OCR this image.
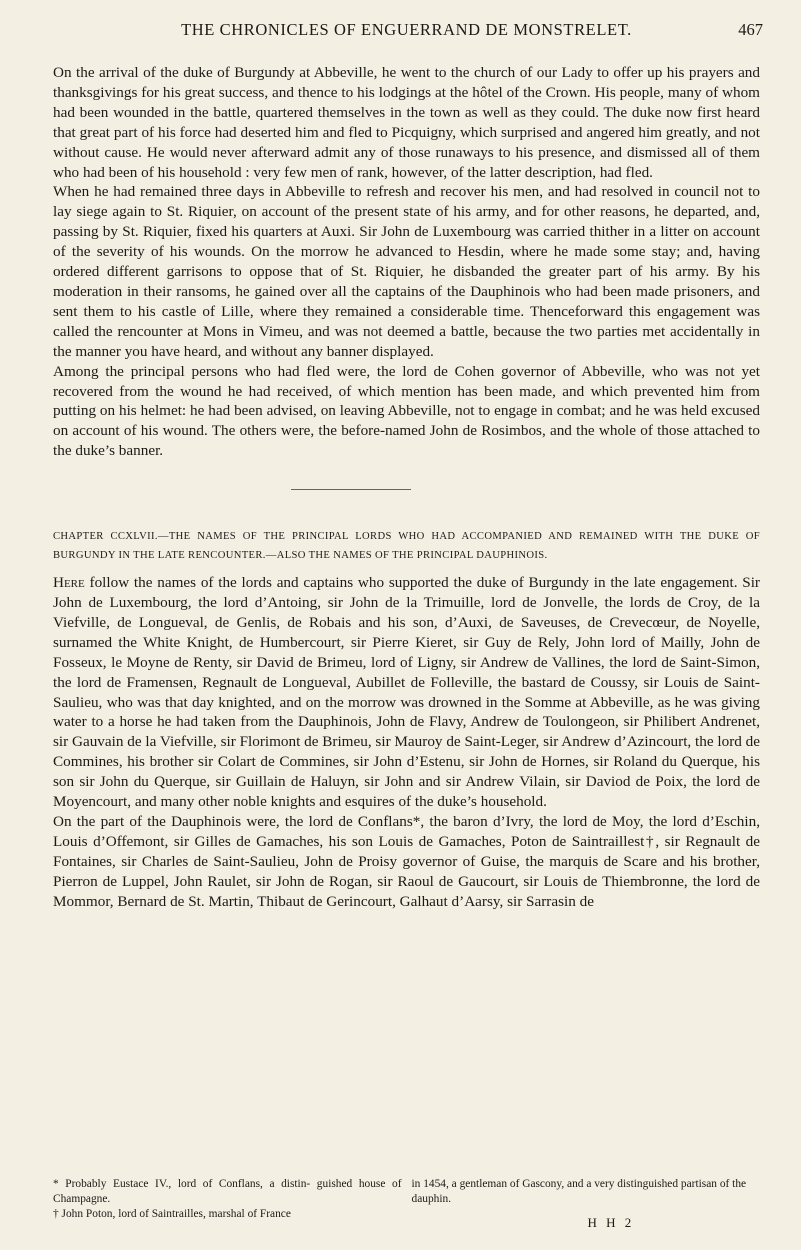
THE CHRONICLES OF ENGUERRAND DE MONSTRELET.	467

On the arrival of the duke of Burgundy at Abbeville, he went to the church of our Lady to offer up his prayers and thanksgivings for his great success, and thence to his lodgings at the hôtel of the Crown. His people, many of whom had been wounded in the battle, quartered themselves in the town as well as they could. The duke now first heard that great part of his force had deserted him and fled to Picquigny, which surprised and angered him greatly, and not without cause. He would never afterward admit any of those runaways to his presence, and dismissed all of them who had been of his household : very few men of rank, however, of the latter description, had fled.

When he had remained three days in Abbeville to refresh and recover his men, and had resolved in council not to lay siege again to St. Riquier, on account of the present state of his army, and for other reasons, he departed, and, passing by St. Riquier, fixed his quarters at Auxi. Sir John de Luxembourg was carried thither in a litter on account of the severity of his wounds. On the morrow he advanced to Hesdin, where he made some stay; and, having ordered different garrisons to oppose that of St. Riquier, he disbanded the greater part of his army. By his moderation in their ransoms, he gained over all the captains of the Dauphinois who had been made prisoners, and sent them to his castle of Lille, where they remained a considerable time. Thenceforward this engagement was called the rencounter at Mons in Vimeu, and was not deemed a battle, because the two parties met accidentally in the manner you have heard, and without any banner displayed.

Among the principal persons who had fled were, the lord de Cohen governor of Abbeville, who was not yet recovered from the wound he had received, of which mention has been made, and which prevented him from putting on his helmet: he had been advised, on leaving Abbeville, not to engage in combat; and he was held excused on account of his wound. The others were, the before-named John de Rosimbos, and the whole of those attached to the duke’s banner.

CHAPTER CCXLVII.—THE NAMES OF THE PRINCIPAL LORDS WHO HAD ACCOMPANIED AND REMAINED WITH THE DUKE OF BURGUNDY IN THE LATE RENCOUNTER.—ALSO THE NAMES OF THE PRINCIPAL DAUPHINOIS.

Here follow the names of the lords and captains who supported the duke of Burgundy in the late engagement. Sir John de Luxembourg, the lord d’Antoing, sir John de la Trimuille, lord de Jonvelle, the lords de Croy, de la Viefville, de Longueval, de Genlis, de Robais and his son, d’Auxi, de Saveuses, de Crevecœur, de Noyelle, surnamed the White Knight, de Humbercourt, sir Pierre Kieret, sir Guy de Rely, John lord of Mailly, John de Fosseux, le Moyne de Renty, sir David de Brimeu, lord of Ligny, sir Andrew de Vallines, the lord de Saint-Simon, the lord de Framensen, Regnault de Longueval, Aubillet de Folleville, the bastard de Coussy, sir Louis de Saint-Saulieu, who was that day knighted, and on the morrow was drowned in the Somme at Abbeville, as he was giving water to a horse he had taken from the Dauphinois, John de Flavy, Andrew de Toulongeon, sir Philibert Andrenet, sir Gauvain de la Viefville, sir Florimont de Brimeu, sir Mauroy de Saint-Leger, sir Andrew d’Azincourt, the lord de Commines, his brother sir Colart de Commines, sir John d’Estenu, sir John de Hornes, sir Roland du Querque, his son sir John du Querque, sir Guillain de Haluyn, sir John and sir Andrew Vilain, sir Daviod de Poix, the lord de Moyencourt, and many other noble knights and esquires of the duke’s household.

On the part of the Dauphinois were, the lord de Conflans*, the baron d’Ivry, the lord de Moy, the lord d’Eschin, Louis d’Offemont, sir Gilles de Gamaches, his son Louis de Gamaches, Poton de Saintraillest†, sir Regnault de Fontaines, sir Charles de Saint-Saulieu, John de Proisy governor of Guise, the marquis de Scare and his brother, Pierron de Luppel, John Raulet, sir John de Rogan, sir Raoul de Gaucourt, sir Louis de Thiembronne, the lord de Mommor, Bernard de St. Martin, Thibaut de Gerincourt, Galhaut d’Aarsy, sir Sarrasin de

* Probably Eustace IV., lord of Conflans, a distin- guished house of Champagne.

† John Poton, lord of Saintrailles, marshal of France

in 1454, a gentleman of Gascony, and a very distinguished partisan of the dauphin.

H H 2
